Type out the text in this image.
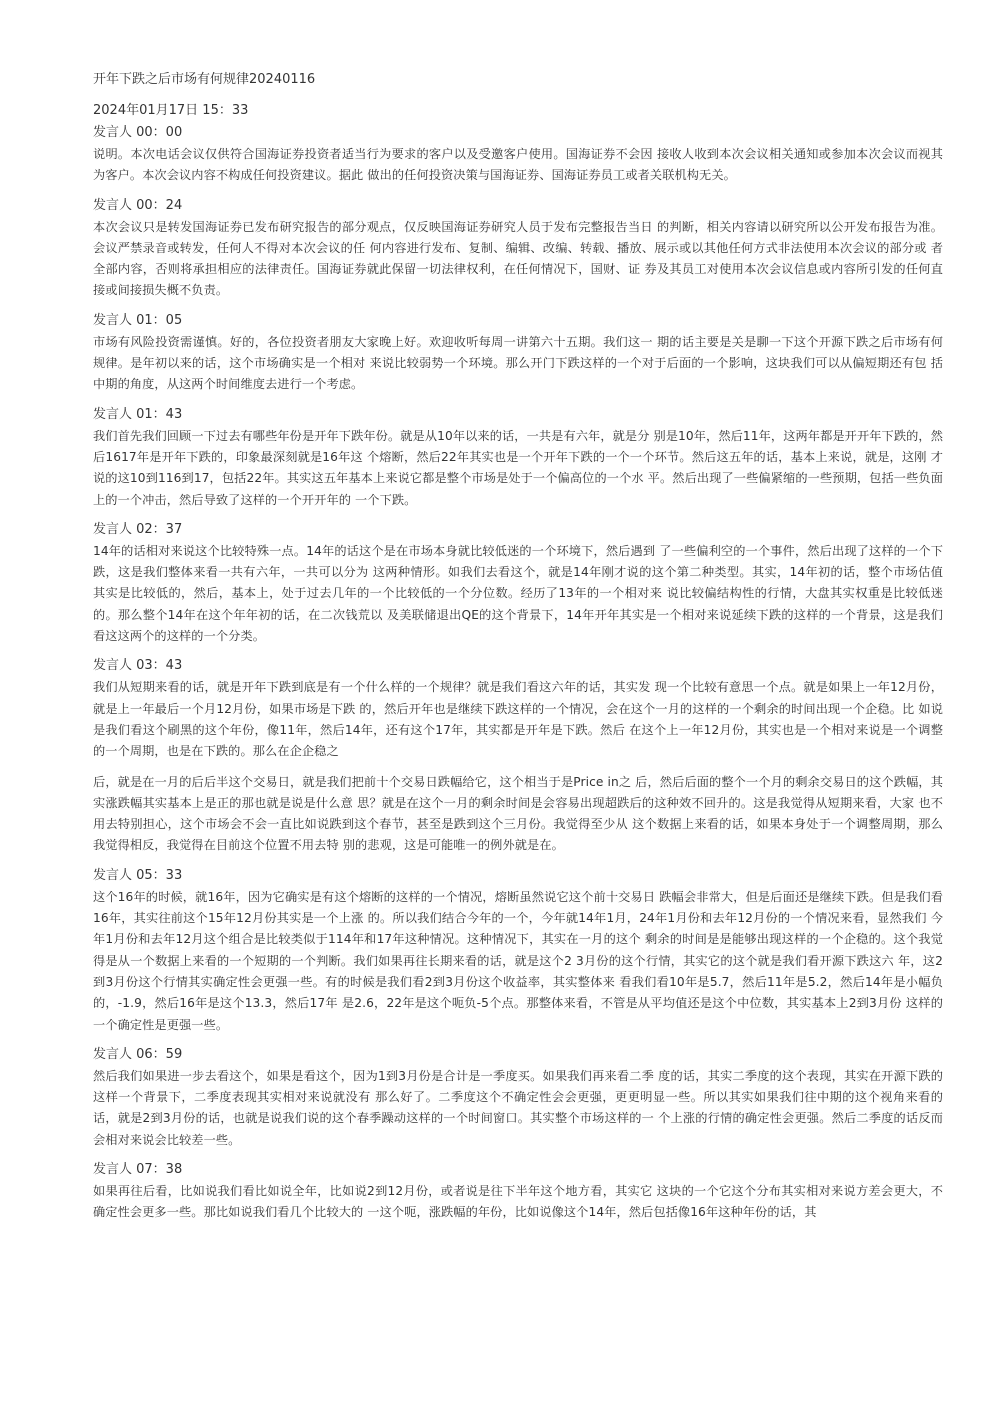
开年下跌之后市场有何规律20240116

2024年01月17日 15：33

发言人 00：00

说明。本次电话会议仅供符合国海证券投资者适当行为要求的客户以及受邀客户使用。国海证券不会因 接收人收到本次会议相关通知或参加本次会议而视其为客户。本次会议内容不构成任何投资建议。据此 做出的任何投资决策与国海证券、国海证券员工或者关联机构无关。

发言人 00：24

本次会议只是转发国海证券已发布研究报告的部分观点，仅反映国海证券研究人员于发布完整报告当日 的判断，相关内容请以研究所以公开发布报告为准。会议严禁录音或转发，任何人不得对本次会议的任 何内容进行发布、复制、编辑、改编、转载、播放、展示或以其他任何方式非法使用本次会议的部分或 者全部内容，否则将承担相应的法律责任。国海证券就此保留一切法律权利，在任何情况下，国财、证 券及其员工对使用本次会议信息或内容所引发的任何直接或间接损失概不负责。

发言人 01：05

市场有风险投资需谨慎。好的，各位投资者朋友大家晚上好。欢迎收听每周一讲第六十五期。我们这一 期的话主要是关是聊一下这个开源下跌之后市场有何规律。是年初以来的话，这个市场确实是一个相对 来说比较弱势一个环境。那么开门下跌这样的一个对于后面的一个影响，这块我们可以从偏短期还有包 括中期的角度，从这两个时间维度去进行一个考虑。

发言人 01：43

我们首先我们回顾一下过去有哪些年份是开年下跌年份。就是从10年以来的话，一共是有六年，就是分 别是10年，然后11年，这两年都是开开年下跌的，然后1617年是开年下跌的，印象最深刻就是16年这 个熔断，然后22年其实也是一个开年下跌的一个一个环节。然后这五年的话，基本上来说，就是，这刚 才说的这10到116到17，包括22年。其实这五年基本上来说它都是整个市场是处于一个偏高位的一个水 平。然后出现了一些偏紧缩的一些预期，包括一些负面上的一个冲击，然后导致了这样的一个开开年的 一个下跌。

发言人 02：37

14年的话相对来说这个比较特殊一点。14年的话这个是在市场本身就比较低迷的一个环境下，然后遇到 了一些偏利空的一个事件，然后出现了这样的一个下跌，这是我们整体来看一共有六年，一共可以分为 这两种情形。如我们去看这个，就是14年刚才说的这个第二种类型。其实，14年初的话，整个市场估值 其实是比较低的，然后，基本上，处于过去几年的一个比较低的一个分位数。经历了13年的一个相对来 说比较偏结构性的行情，大盘其实权重是比较低迷的。那么整个14年在这个年年初的话，在二次钱荒以 及美联储退出QE的这个背景下，14年开年其实是一个相对来说延续下跌的这样的一个背景，这是我们 看这这两个的这样的一个分类。

发言人 03：43

我们从短期来看的话，就是开年下跌到底是有一个什么样的一个规律？就是我们看这六年的话，其实发 现一个比较有意思一个点。就是如果上一年12月份，就是上一年最后一个月12月份，如果市场是下跌 的，然后开年也是继续下跌这样的一个情况，会在这个一月的这样的一个剩余的时间出现一个企稳。比 如说是我们看这个刷黑的这个年份，像11年，然后14年，还有这个17年，其实都是开年是下跌。然后 在这个上一年12月份，其实也是一个相对来说是一个调整的一个周期，也是在下跌的。那么在企企稳之

后，就是在一月的后后半这个交易日，就是我们把前十个交易日跌幅给它，这个相当于是Price in之 后，然后后面的整个一个月的剩余交易日的这个跌幅，其实涨跌幅其实基本上是正的那也就是说是什么意 思？就是在这个一月的剩余时间是会容易出现超跌后的这种效不回升的。这是我觉得从短期来看，大家 也不用去特别担心，这个市场会不会一直比如说跌到这个春节，甚至是跌到这个三月份。我觉得至少从 这个数据上来看的话，如果本身处于一个调整周期，那么我觉得相反，我觉得在目前这个位置不用去特 别的悲观，这是可能唯一的例外就是在。

发言人 05：33

这个16年的时候，就16年，因为它确实是有这个熔断的这样的一个情况，熔断虽然说它这个前十交易日 跌幅会非常大，但是后面还是继续下跌。但是我们看16年，其实往前这个15年12月份其实是一个上涨 的。所以我们结合今年的一个，今年就14年1月，24年1月份和去年12月份的一个情况来看，显然我们 今年1月份和去年12月这个组合是比较类似于114年和17年这种情况。这种情况下，其实在一月的这个 剩余的时间是是能够出现这样的一个企稳的。这个我觉得是从一个数据上来看的一个短期的一个判断。我们如果再往长期来看的话，就是这个2 3月份的这个行情，其实它的这个就是我们看开源下跌这六 年，这2到3月份这个行情其实确定性会更强一些。有的时候是我们看2到3月份这个收益率，其实整体来 看我们看10年是5.7，然后11年是5.2，然后14年是小幅负的，-1.9，然后16年是这个13.3，然后17年 是2.6，22年是这个呃负-5个点。那整体来看，不管是从平均值还是这个中位数，其实基本上2到3月份 这样的一个确定性是更强一些。

发言人 06：59

然后我们如果进一步去看这个，如果是看这个，因为1到3月份是合计是一季度买。如果我们再来看二季 度的话，其实二季度的这个表现，其实在开源下跌的这样一个背景下，二季度表现其实相对来说就没有 那么好了。二季度这个不确定性会会更强，更更明显一些。所以其实如果我们往中期的这个视角来看的 话，就是2到3月份的话，也就是说我们说的这个春季躁动这样的一个时间窗口。其实整个市场这样的一 个上涨的行情的确定性会更强。然后二季度的话反而会相对来说会比较差一些。

发言人 07：38

如果再往后看，比如说我们看比如说全年，比如说2到12月份，或者说是往下半年这个地方看，其实它 这块的一个它这个分布其实相对来说方差会更大，不确定性会更多一些。那比如说我们看几个比较大的 一这个呃，涨跌幅的年份，比如说像这个14年，然后包括像16年这种年份的话，其
